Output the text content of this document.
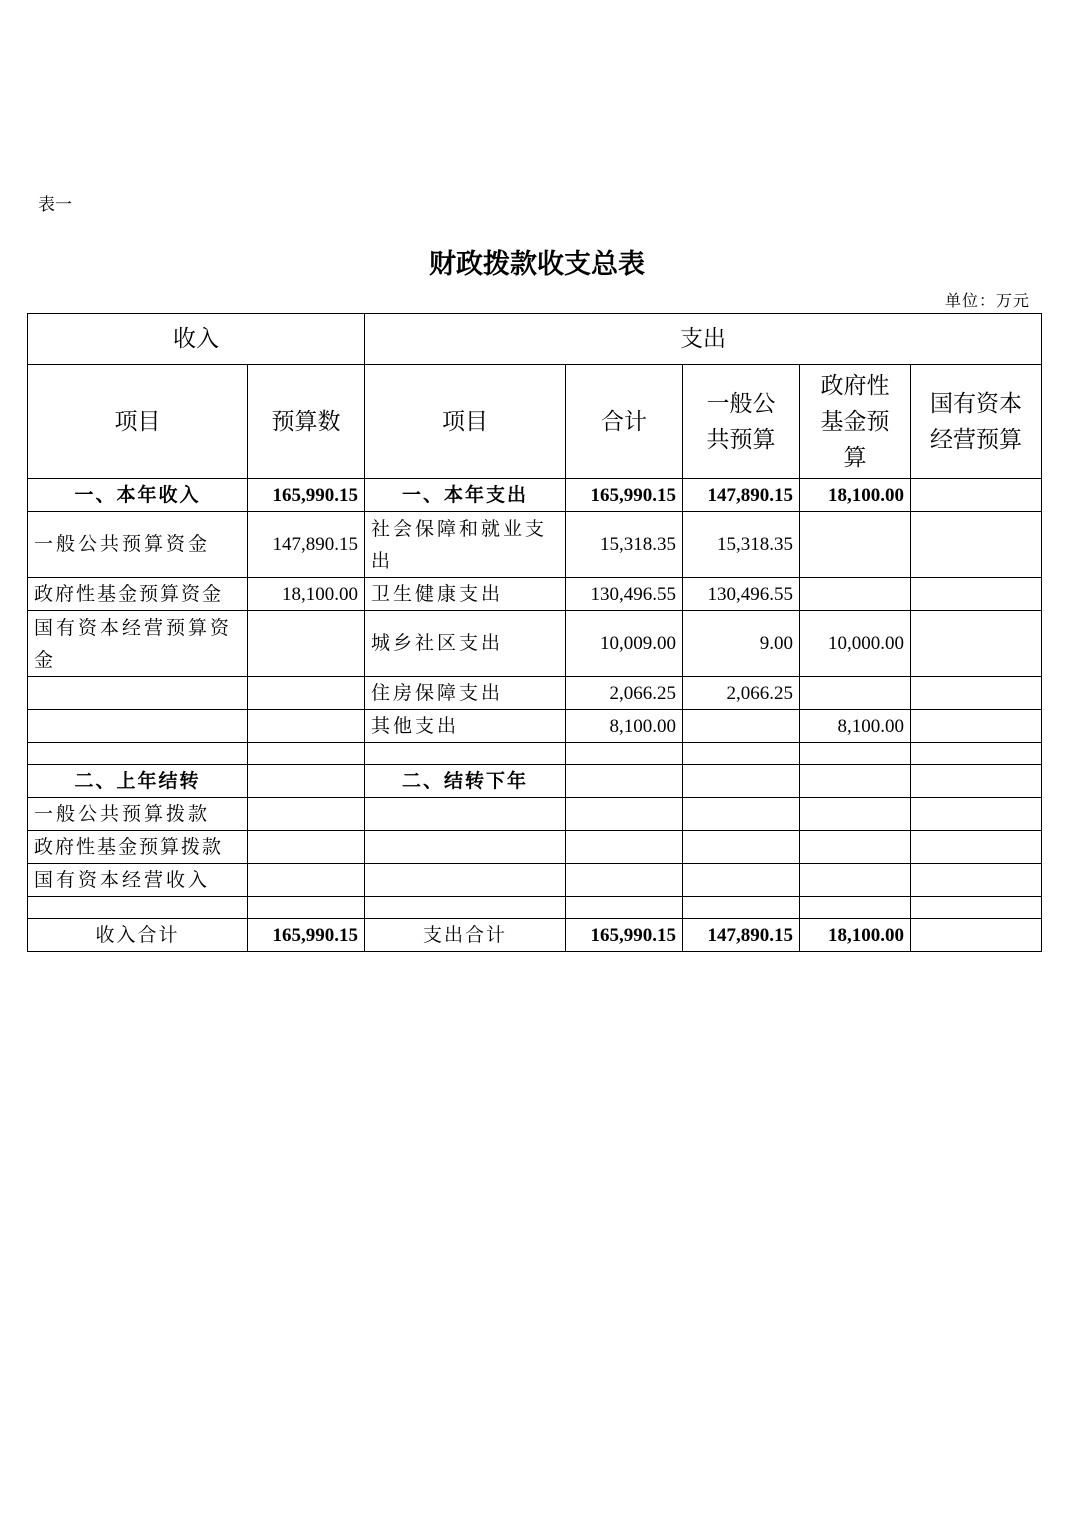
表一
财政拨款收支总表
单位：万元
收入		支出				
项目	预算数	项目	合计	一般公共预算	政府性基金预算	国有资本经营预算
一、本年收入	165,990.15	一、本年支出	165,990.15	147,890.15	18,100.00	
一般公共预算资金	147,890.15	社会保障和就业支出	15,318.35	15,318.35		
政府性基金预算资金	18,100.00	卫生健康支出	130,496.55	130,496.55		
国有资本经营预算资金		城乡社区支出	10,009.00	9.00	10,000.00	
		住房保障支出	2,066.25	2,066.25		
		其他支出	8,100.00		8,100.00	

二、上年结转		二、结转下年				
一般公共预算拨款						
政府性基金预算拨款						
国有资本经营收入						

收入合计	165,990.15	支出合计	165,990.15	147,890.15	18,100.00	
